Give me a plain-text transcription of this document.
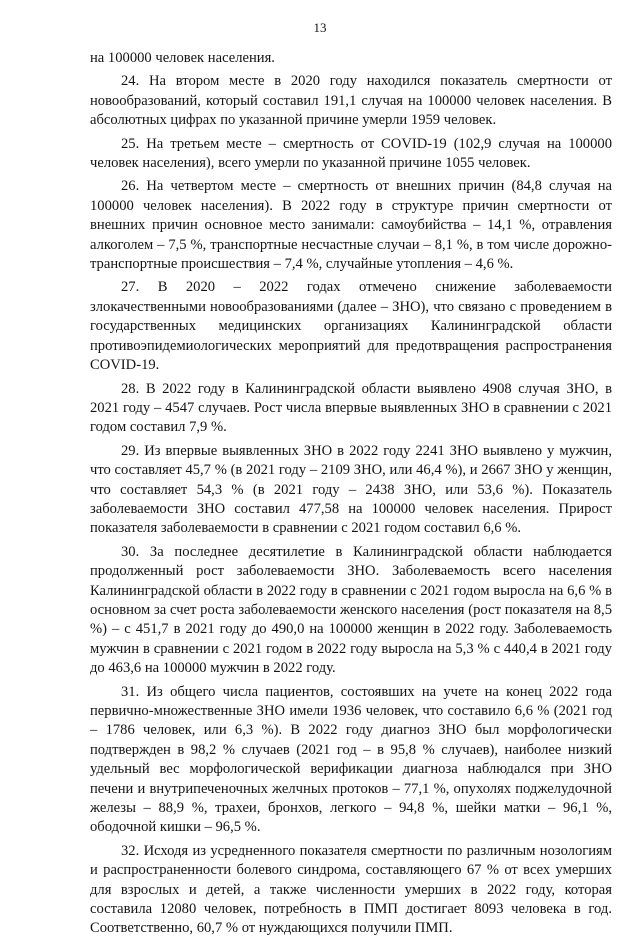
13

на 100000 человек населения.

24. На втором месте в 2020 году находился показатель смертности от новообразований, который составил 191,1 случая на 100000 человек населения. В абсолютных цифрах по указанной причине умерли 1959 человек.

25. На третьем месте – смертность от COVID-19 (102,9 случая на 100000 человек населения), всего умерли по указанной причине 1055 человек.

26. На четвертом месте – смертность от внешних причин (84,8 случая на 100000 человек населения). В 2022 году в структуре причин смертности от внешних причин основное место занимали: самоубийства – 14,1 %, отравления алкоголем – 7,5 %, транспортные несчастные случаи – 8,1 %, в том числе дорожно-транспортные происшествия – 7,4 %, случайные утопления – 4,6 %.

27. В 2020 – 2022 годах отмечено снижение заболеваемости злокачественными новообразованиями (далее – ЗНО), что связано с проведением в государственных медицинских организациях Калининградской области противоэпидемиологических мероприятий для предотвращения распространения COVID-19.

28. В 2022 году в Калининградской области выявлено 4908 случая ЗНО, в 2021 году – 4547 случаев. Рост числа впервые выявленных ЗНО в сравнении с 2021 годом составил 7,9 %.

29. Из впервые выявленных ЗНО в 2022 году 2241 ЗНО выявлено у мужчин, что составляет 45,7 % (в 2021 году – 2109 ЗНО, или 46,4 %), и 2667 ЗНО у женщин, что составляет 54,3 % (в 2021 году – 2438 ЗНО, или 53,6 %). Показатель заболеваемости ЗНО составил 477,58 на 100000 человек населения. Прирост показателя заболеваемости в сравнении с 2021 годом составил 6,6 %.

30. За последнее десятилетие в Калининградской области наблюдается продолженный рост заболеваемости ЗНО. Заболеваемость всего населения Калининградской области в 2022 году в сравнении с 2021 годом выросла на 6,6 % в основном за счет роста заболеваемости женского населения (рост показателя на 8,5 %) – с 451,7 в 2021 году до 490,0 на 100000 женщин в 2022 году. Заболеваемость мужчин в сравнении с 2021 годом в 2022 году выросла на 5,3 % с 440,4 в 2021 году до 463,6 на 100000 мужчин в 2022 году.

31. Из общего числа пациентов, состоявших на учете на конец 2022 года первично-множественные ЗНО имели 1936 человек, что составило 6,6 % (2021 год – 1786 человек, или 6,3 %). В 2022 году диагноз ЗНО был морфологически подтвержден в 98,2 % случаев (2021 год – в 95,8 % случаев), наиболее низкий удельный вес морфологической верификации диагноза наблюдался при ЗНО печени и внутрипеченочных желчных протоков – 77,1 %, опухолях поджелудочной железы – 88,9 %, трахеи, бронхов, легкого – 94,8 %, шейки матки – 96,1 %, ободочной кишки – 96,5 %.

32. Исходя из усредненного показателя смертности по различным нозологиям и распространенности болевого синдрома, составляющего 67 % от всех умерших для взрослых и детей, а также численности умерших в 2022 году, которая составила 12080 человек, потребность в ПМП достигает 8093 человека в год. Соответственно, 60,7 % от нуждающихся получили ПМП.
